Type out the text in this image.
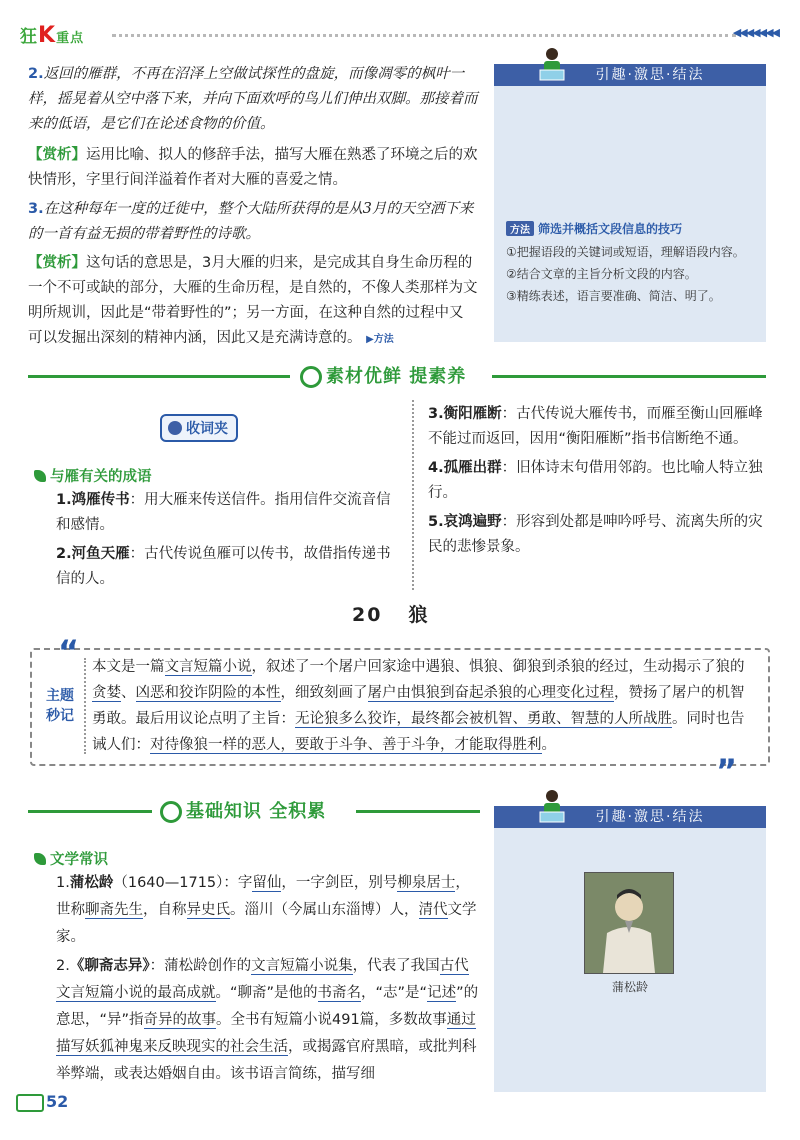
狂K重点	◀◀◀◀◀◀◀

2.返回的雁群，不再在沼泽上空做试探性的盘旋，而像凋零的枫叶一样，摇晃着从空中落下来，并向下面欢呼的鸟儿们伸出双脚。那接着而来的低语，是它们在论述食物的价值。

【赏析】运用比喻、拟人的修辞手法，描写大雁在熟悉了环境之后的欢快情形，字里行间洋溢着作者对大雁的喜爱之情。

3.在这种每年一度的迁徙中，整个大陆所获得的是从3月的天空洒下来的一首有益无损的带着野性的诗歌。

【赏析】这句话的意思是，3月大雁的归来，是完成其自身生命历程的一个不可或缺的部分，大雁的生命历程，是自然的，不像人类那样为文明所规训，因此是“带着野性的”；另一方面，在这种自然的过程中又可以发掘出深刻的精神内涵，因此又是充满诗意的。 ▶方法

引趣·激思·结法
方法 筛选并概括文段信息的技巧
①把握语段的关键词或短语，理解语段内容。
②结合文章的主旨分析文段的内容。
③精练表述，语言要准确、简洁、明了。
素材优鲜 提素养
收词夹
与雁有关的成语

1.鸿雁传书：用大雁来传送信件。指用信件交流音信和感情。

2.河鱼天雁：古代传说鱼雁可以传书，故借指传递书信的人。

3.衡阳雁断：古代传说大雁传书，而雁至衡山回雁峰不能过而返回，因用“衡阳雁断”指书信断绝不通。

4.孤雁出群：旧体诗末句借用邻韵。也比喻人特立独行。

5.哀鸿遍野：形容到处都是呻吟呼号、流离失所的灾民的悲惨景象。

20 狼
“
”
主题
秒记

本文是一篇文言短篇小说，叙述了一个屠户回家途中遇狼、惧狼、御狼到杀狼的经过，生动揭示了狼的贪婪、凶恶和狡诈阴险的本性，细致刻画了屠户由惧狼到奋起杀狼的心理变化过程，赞扬了屠户的机智勇敢。最后用议论点明了主旨：无论狼多么狡诈，最终都会被机智、勇敢、智慧的人所战胜。同时也告诫人们：对待像狼一样的恶人，要敢于斗争、善于斗争，才能取得胜利。

基础知识 全积累
文学常识

1.蒲松龄（1640—1715）：字留仙，一字剑臣，别号柳泉居士，世称聊斋先生，自称异史氏。淄川（今属山东淄博）人，清代文学家。

2.《聊斋志异》：蒲松龄创作的文言短篇小说集，代表了我国古代文言短篇小说的最高成就。“聊斋”是他的书斋名，“志”是“记述”的意思，“异”指奇异的故事。全书有短篇小说491篇，多数故事通过描写妖狐神鬼来反映现实的社会生活，或揭露官府黑暗，或批判科举弊端，或表达婚姻自由。该书语言简练，描写细

引趣·激思·结法
蒲松龄
52
